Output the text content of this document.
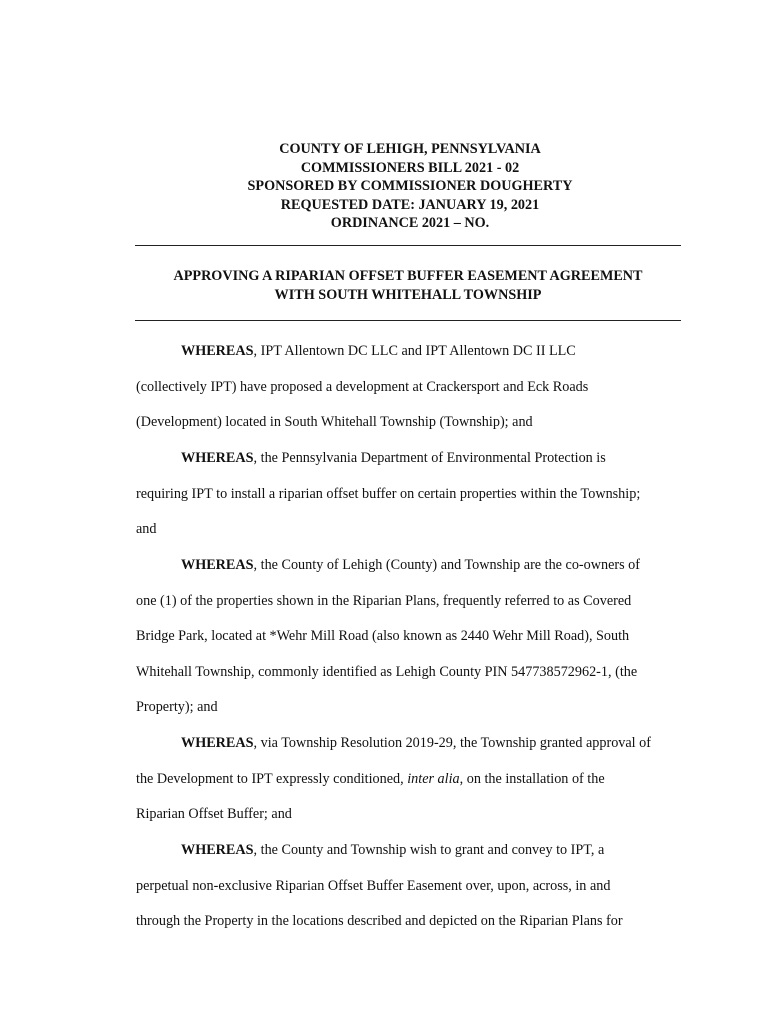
COUNTY OF LEHIGH, PENNSYLVANIA
COMMISSIONERS BILL 2021 - 02
SPONSORED BY COMMISSIONER DOUGHERTY
REQUESTED DATE: JANUARY 19, 2021
ORDINANCE 2021 – NO.
APPROVING A RIPARIAN OFFSET BUFFER EASEMENT AGREEMENT
WITH SOUTH WHITEHALL TOWNSHIP
WHEREAS, IPT Allentown DC LLC and IPT Allentown DC II LLC
(collectively IPT) have proposed a development at Crackersport and Eck Roads
(Development) located in South Whitehall Township (Township); and
WHEREAS, the Pennsylvania Department of Environmental Protection is
requiring IPT to install a riparian offset buffer on certain properties within the Township;
and
WHEREAS, the County of Lehigh (County) and Township are the co-owners of
one (1) of the properties shown in the Riparian Plans, frequently referred to as Covered
Bridge Park, located at *Wehr Mill Road (also known as 2440 Wehr Mill Road), South
Whitehall Township, commonly identified as Lehigh County PIN 547738572962-1, (the
Property); and
WHEREAS, via Township Resolution 2019-29, the Township granted approval of
the Development to IPT expressly conditioned, inter alia, on the installation of the
Riparian Offset Buffer; and
WHEREAS, the County and Township wish to grant and convey to IPT, a
perpetual non-exclusive Riparian Offset Buffer Easement over, upon, across, in and
through the Property in the locations described and depicted on the Riparian Plans for
